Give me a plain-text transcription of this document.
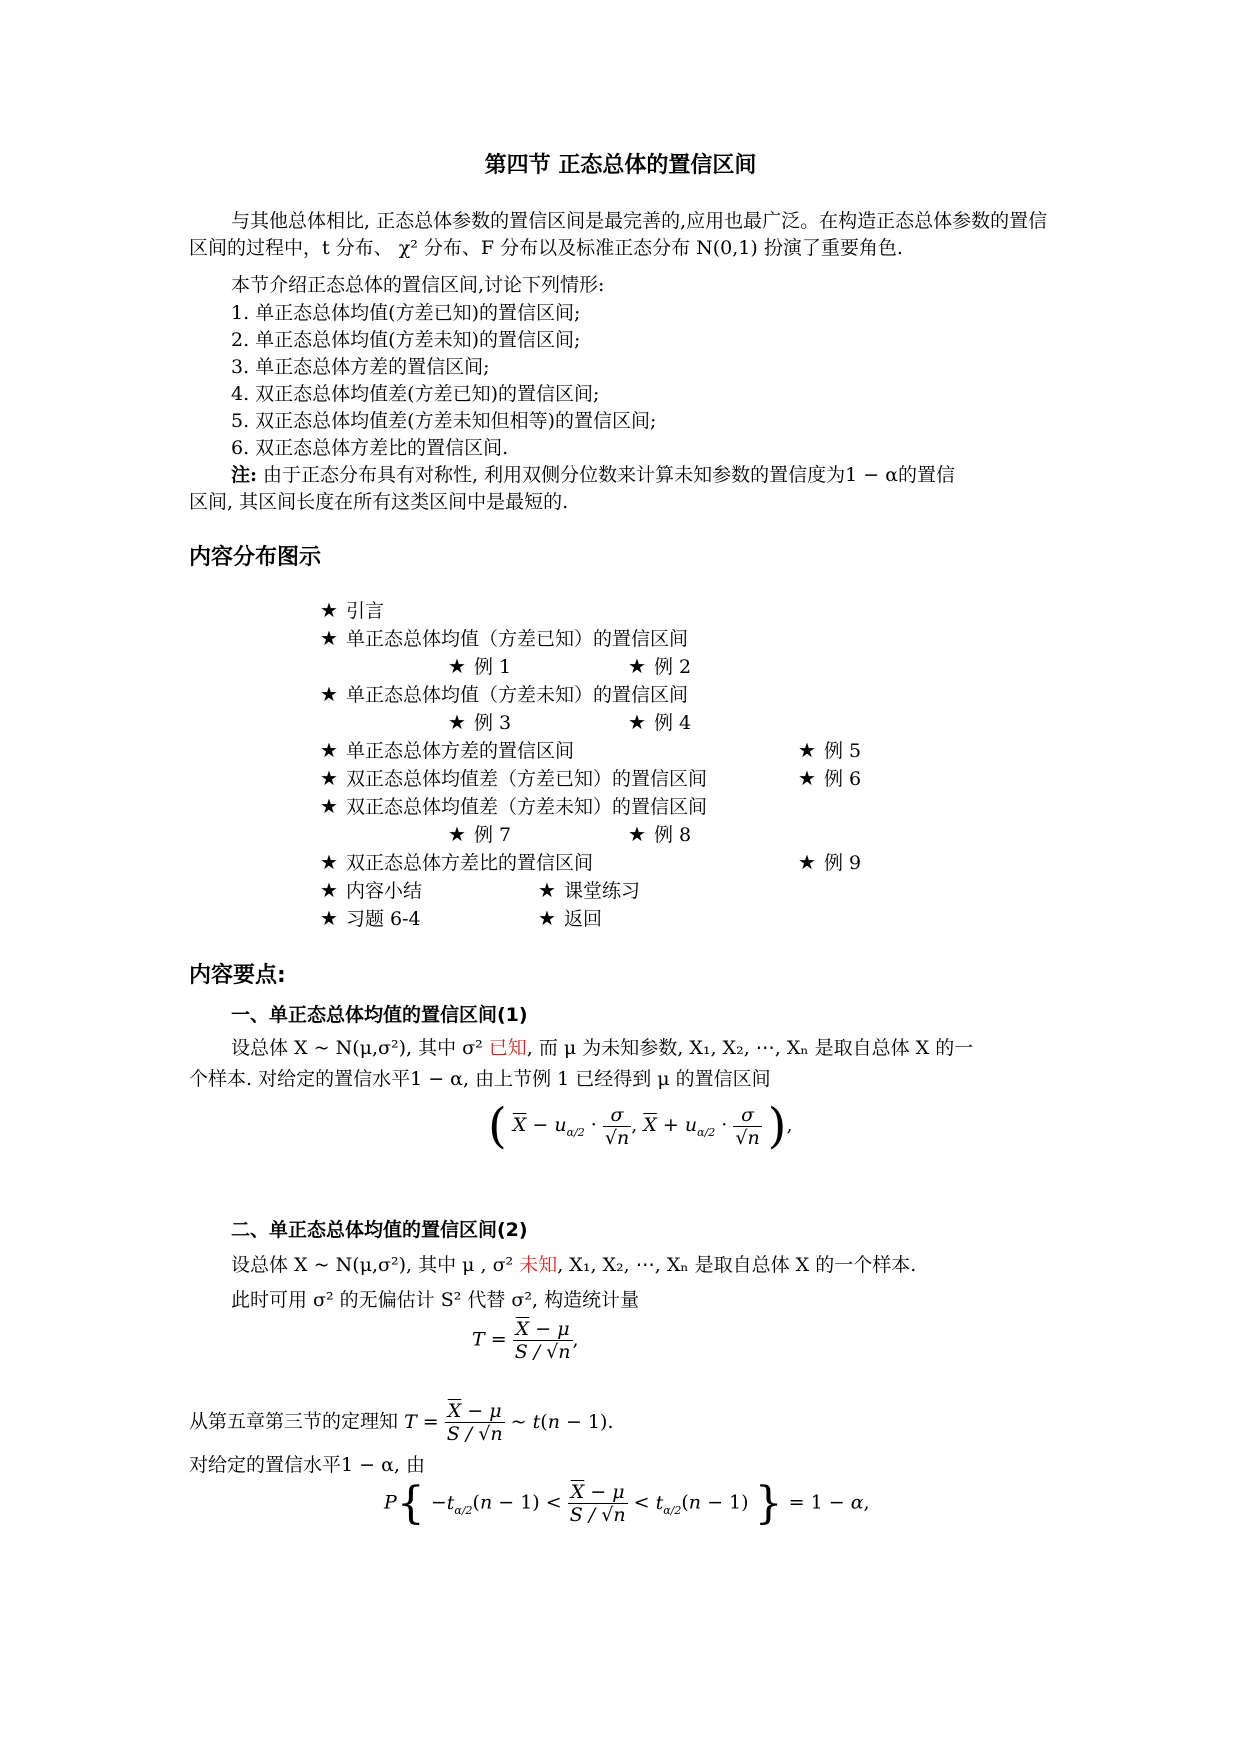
第四节 正态总体的置信区间
与其他总体相比, 正态总体参数的置信区间是最完善的,应用也最广泛。在构造正态总体参数的置信区间的过程中，t 分布、 χ² 分布、F 分布以及标准正态分布 N(0,1) 扮演了重要角色.
本节介绍正态总体的置信区间,讨论下列情形:
1. 单正态总体均值(方差已知)的置信区间;
2. 单正态总体均值(方差未知)的置信区间;
3. 单正态总体方差的置信区间;
4. 双正态总体均值差(方差已知)的置信区间;
5. 双正态总体均值差(方差未知但相等)的置信区间;
6. 双正态总体方差比的置信区间.
注: 由于正态分布具有对称性, 利用双侧分位数来计算未知参数的置信度为1 − α的置信
区间, 其区间长度在所有这类区间中是最短的.
内容分布图示
★ 引言
★ 单正态总体均值（方差已知）的置信区间
★ 例 1	★ 例 2
★ 单正态总体均值（方差未知）的置信区间
★ 例 3	★ 例 4
★ 单正态总体方差的置信区间	★ 例 5
★ 双正态总体均值差（方差已知）的置信区间	★ 例 6
★ 双正态总体均值差（方差未知）的置信区间
★ 例 7	★ 例 8
★ 双正态总体方差比的置信区间	★ 例 9
★ 内容小结	★ 课堂练习
★ 习题 6-4	★ 返回
内容要点:
一、单正态总体均值的置信区间(1)
设总体 X ~ N(μ,σ²), 其中 σ² 已知, 而 μ 为未知参数, X₁, X₂, ⋯, Xₙ 是取自总体 X 的一
个样本. 对给定的置信水平1 − α, 由上节例 1 已经得到 μ 的置信区间
( $\overline{X} - u_{\alpha/2} \cdot \frac{\sigma}{√n}$ , $\overline{X} + u_{\alpha/2} \cdot \frac{\sigma}{√n}$ ),
二、单正态总体均值的置信区间(2)
设总体 X ~ N(μ,σ²), 其中 μ , σ² 未知, X₁, X₂, ⋯, Xₙ 是取自总体 X 的一个样本.
此时可用 σ² 的无偏估计 S² 代替 σ², 构造统计量
$T = \frac{\overline{X} - \mu}{S / √n}$ ,
从第五章第三节的定理知 $T = \frac{\overline{X} - \mu}{S / √n}$ ~ t(n − 1).
对给定的置信水平1 − α, 由
$P\{ -t_{\alpha/2}(n - 1) < \frac{\overline{X} - \mu}{S / √n} < t_{\alpha/2}(n - 1)$ } = 1 − α,
